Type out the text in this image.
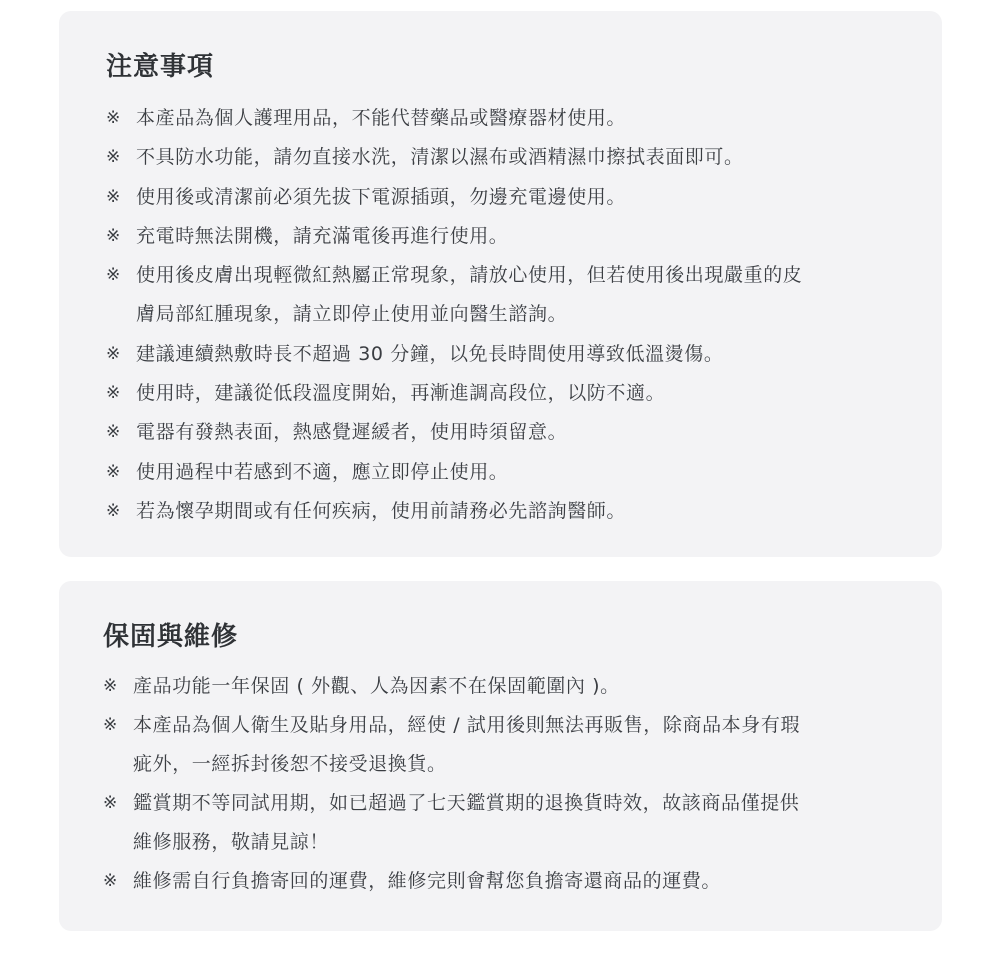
注意事項
※ 本產品為個人護理用品，不能代替藥品或醫療器材使用。
※ 不具防水功能，請勿直接水洗，清潔以濕布或酒精濕巾擦拭表面即可。
※ 使用後或清潔前必須先拔下電源插頭，勿邊充電邊使用。
※ 充電時無法開機，請充滿電後再進行使用。
※ 使用後皮膚出現輕微紅熱屬正常現象，請放心使用，但若使用後出現嚴重的皮
膚局部紅腫現象，請立即停止使用並向醫生諮詢。
※ 建議連續熱敷時長不超過 30 分鐘，以免長時間使用導致低溫燙傷。
※ 使用時，建議從低段溫度開始，再漸進調高段位，以防不適。
※ 電器有發熱表面，熱感覺遲緩者，使用時須留意。
※ 使用過程中若感到不適，應立即停止使用。
※ 若為懷孕期間或有任何疾病，使用前請務必先諮詢醫師。
保固與維修
※ 產品功能一年保固 ( 外觀、人為因素不在保固範圍內 )。
※ 本產品為個人衛生及貼身用品，經使 / 試用後則無法再販售，除商品本身有瑕
疵外，一經拆封後恕不接受退換貨。
※ 鑑賞期不等同試用期，如已超過了七天鑑賞期的退換貨時效，故該商品僅提供
維修服務，敬請見諒！
※ 維修需自行負擔寄回的運費，維修完則會幫您負擔寄還商品的運費。
